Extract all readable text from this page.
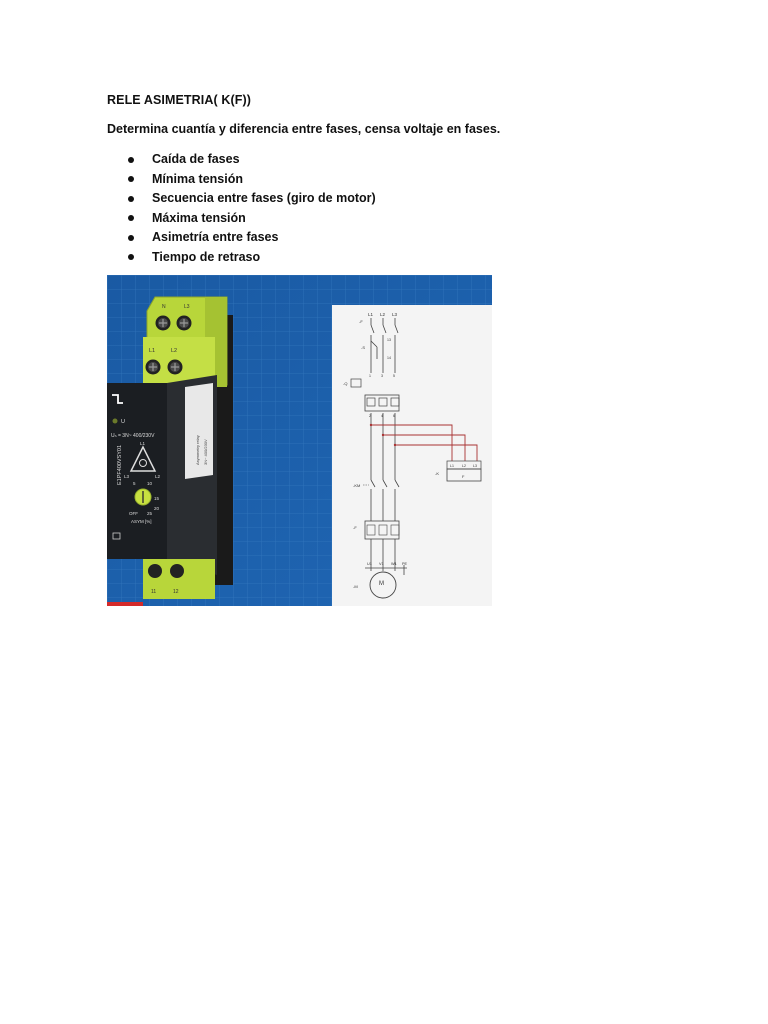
RELE ASIMETRIA( K(F))
Determina cuantía y diferencia entre fases, censa voltaje en fases.
Caída de fases
Mínima tensión
Secuencia entre fases (giro de motor)
Máxima tensión
Asimetría entre fases
Tiempo de retraso
N	L3
L1	L2
Asymmetry relay 3N~ 400/230V
U
Uₙ = 3N~ 400/230V
L1
L2
L3
5	10
15
20
OFF 25
ASYM [%]
E1PF400VSY01
11	12
L1 L2 L3
-F
-S
13
14
-Q
1	3	5
2	4	6
-K
L1 L2 L3
F
-KM
-F
U1 V1 W1 PE
M
-M
